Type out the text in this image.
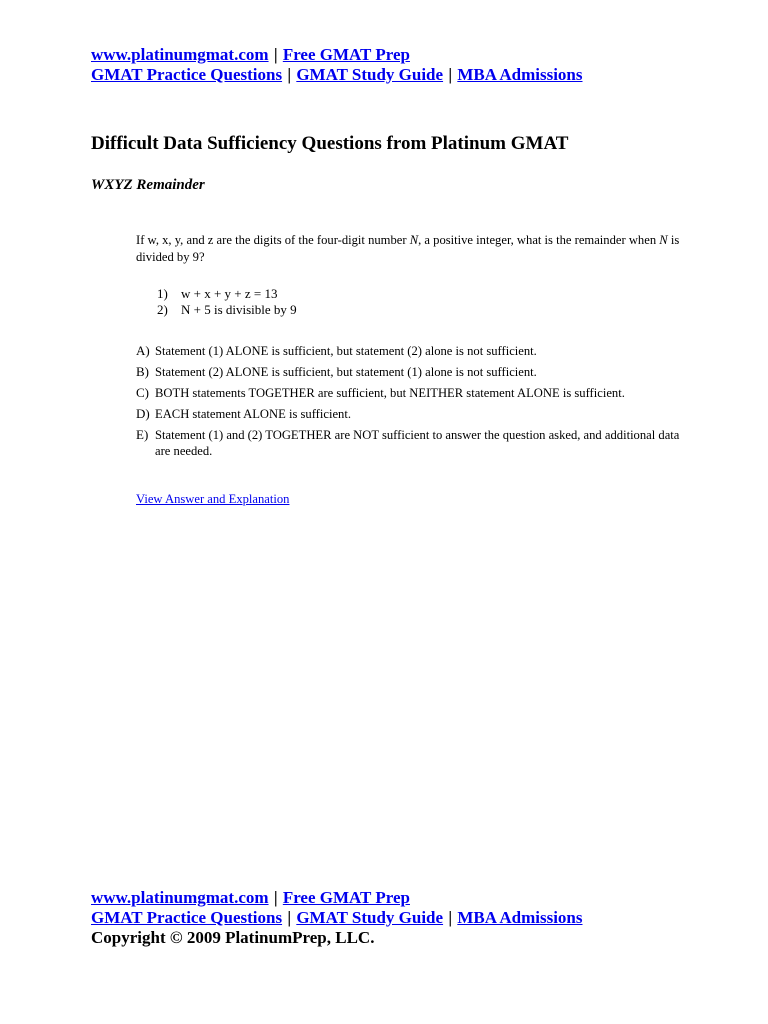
www.platinumgmat.com | Free GMAT Prep
GMAT Practice Questions | GMAT Study Guide | MBA Admissions
Difficult Data Sufficiency Questions from Platinum GMAT
WXYZ Remainder

If w, x, y, and z are the digits of the four-digit number N, a positive integer, what is the remainder when N is divided by 9?

1)	w + x + y + z = 13
2)	N + 5 is divisible by 9
A) Statement (1) ALONE is sufficient, but statement (2) alone is not sufficient.
B) Statement (2) ALONE is sufficient, but statement (1) alone is not sufficient.
C) BOTH statements TOGETHER are sufficient, but NEITHER statement ALONE is sufficient.
D) EACH statement ALONE is sufficient.
E) Statement (1) and (2) TOGETHER are NOT sufficient to answer the question asked, and additional data are needed.
View Answer and Explanation
www.platinumgmat.com | Free GMAT Prep
GMAT Practice Questions | GMAT Study Guide | MBA Admissions
Copyright © 2009 PlatinumPrep, LLC.
